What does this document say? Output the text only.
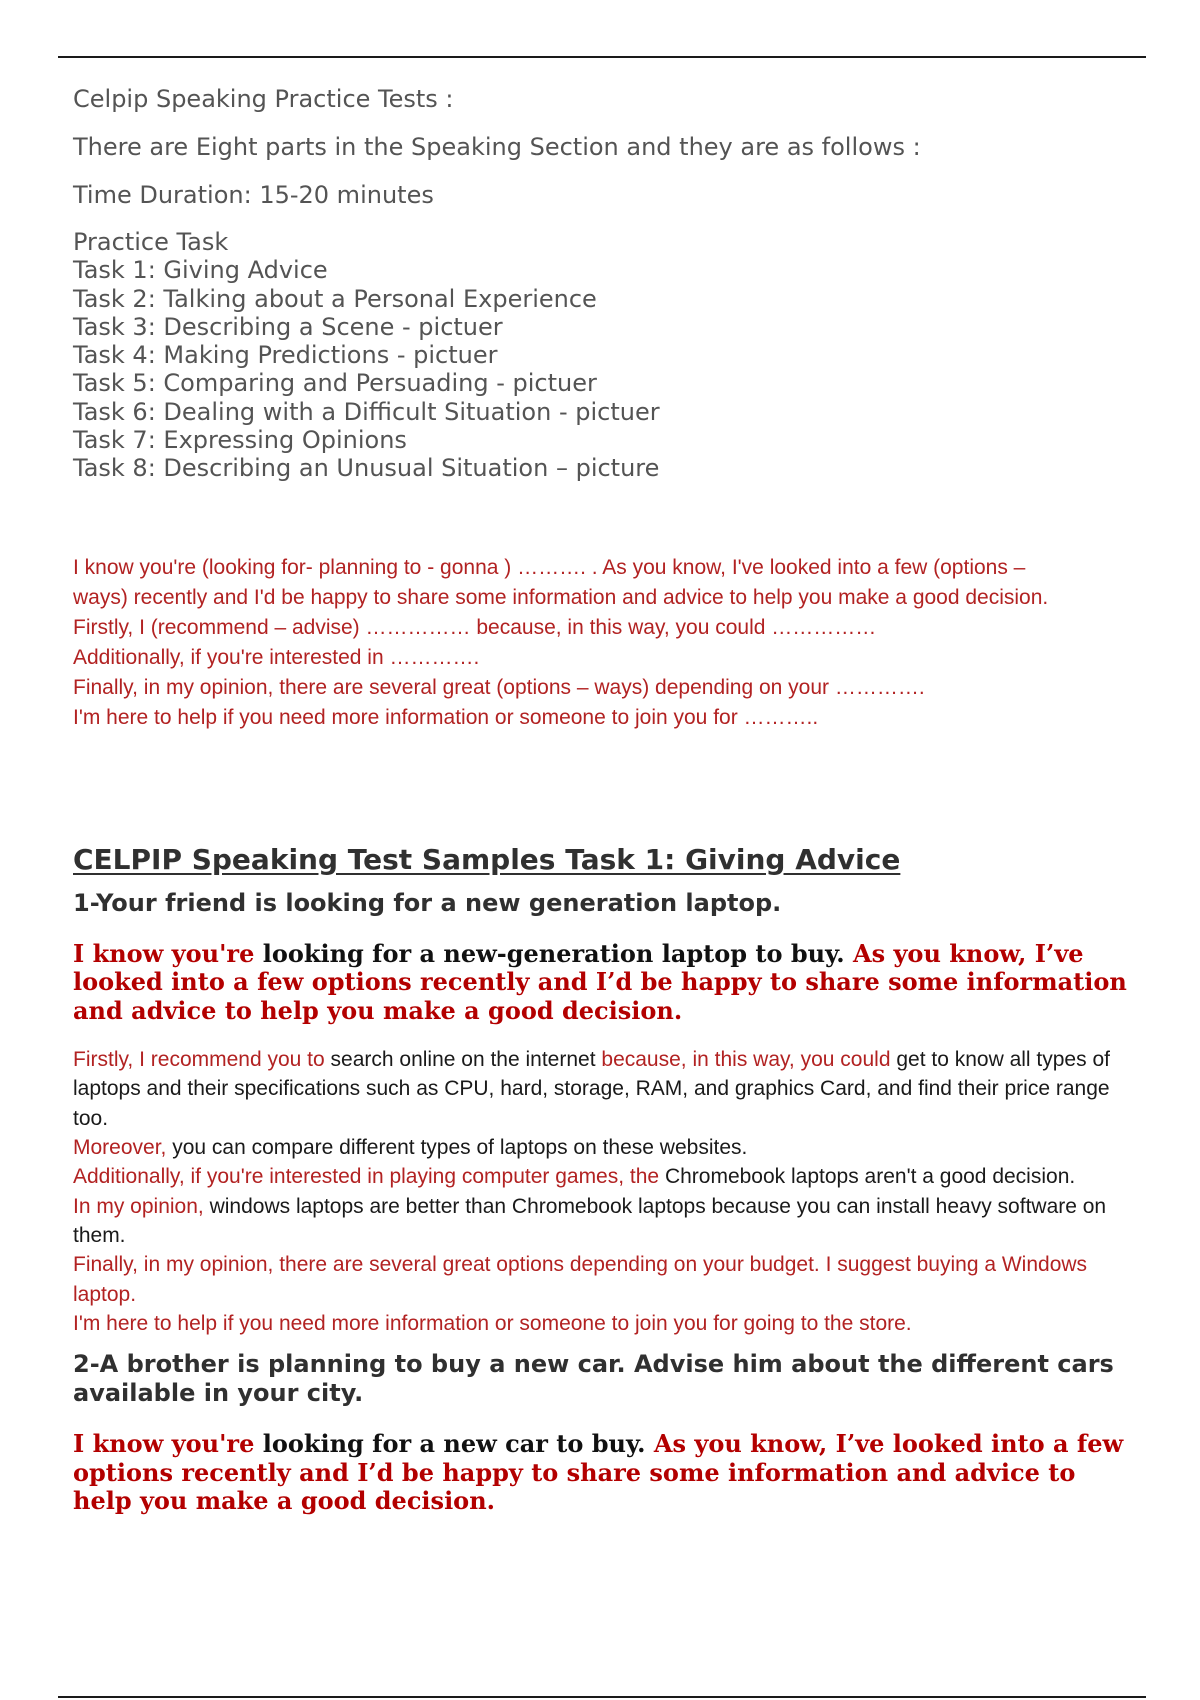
Celpip Speaking Practice Tests :

There are Eight parts in the Speaking Section and they are as follows :

Time Duration: 15-20 minutes

Practice Task
Task 1: Giving Advice
Task 2: Talking about a Personal Experience
Task 3: Describing a Scene - pictuer
Task 4: Making Predictions - pictuer
Task 5: Comparing and Persuading - pictuer
Task 6: Dealing with a Difficult Situation - pictuer
Task 7: Expressing Opinions
Task 8: Describing an Unusual Situation – picture
I know you're (looking for- planning to - gonna ) ………. . As you know, I've looked into a few (options –
ways) recently and I'd be happy to share some information and advice to help you make a good decision.
Firstly, I (recommend – advise) …………… because, in this way, you could ……………
Additionally, if you're interested in ………….
Finally, in my opinion, there are several great (options – ways) depending on your ………….
I'm here to help if you need more information or someone to join you for ………..
CELPIP Speaking Test Samples Task 1: Giving Advice
1-Your friend is looking for a new generation laptop.
I know you're looking for a new-generation laptop to buy. As you know, I’ve looked into a few options recently and I’d be happy to share some information and advice to help you make a good decision.

Firstly, I recommend you to search online on the internet because, in this way, you could get to know all types of laptops and their specifications such as CPU, hard, storage, RAM, and graphics Card, and find their price range too.

Moreover, you can compare different types of laptops on these websites.

Additionally, if you're interested in playing computer games, the Chromebook laptops aren't a good decision.

In my opinion, windows laptops are better than Chromebook laptops because you can install heavy software on them.

Finally, in my opinion, there are several great options depending on your budget. I suggest buying a Windows laptop.

I'm here to help if you need more information or someone to join you for going to the store.

2-A brother is planning to buy a new car. Advise him about the different cars available in your city.
I know you're looking for a new car to buy. As you know, I’ve looked into a few options recently and I’d be happy to share some information and advice to help you make a good decision.
